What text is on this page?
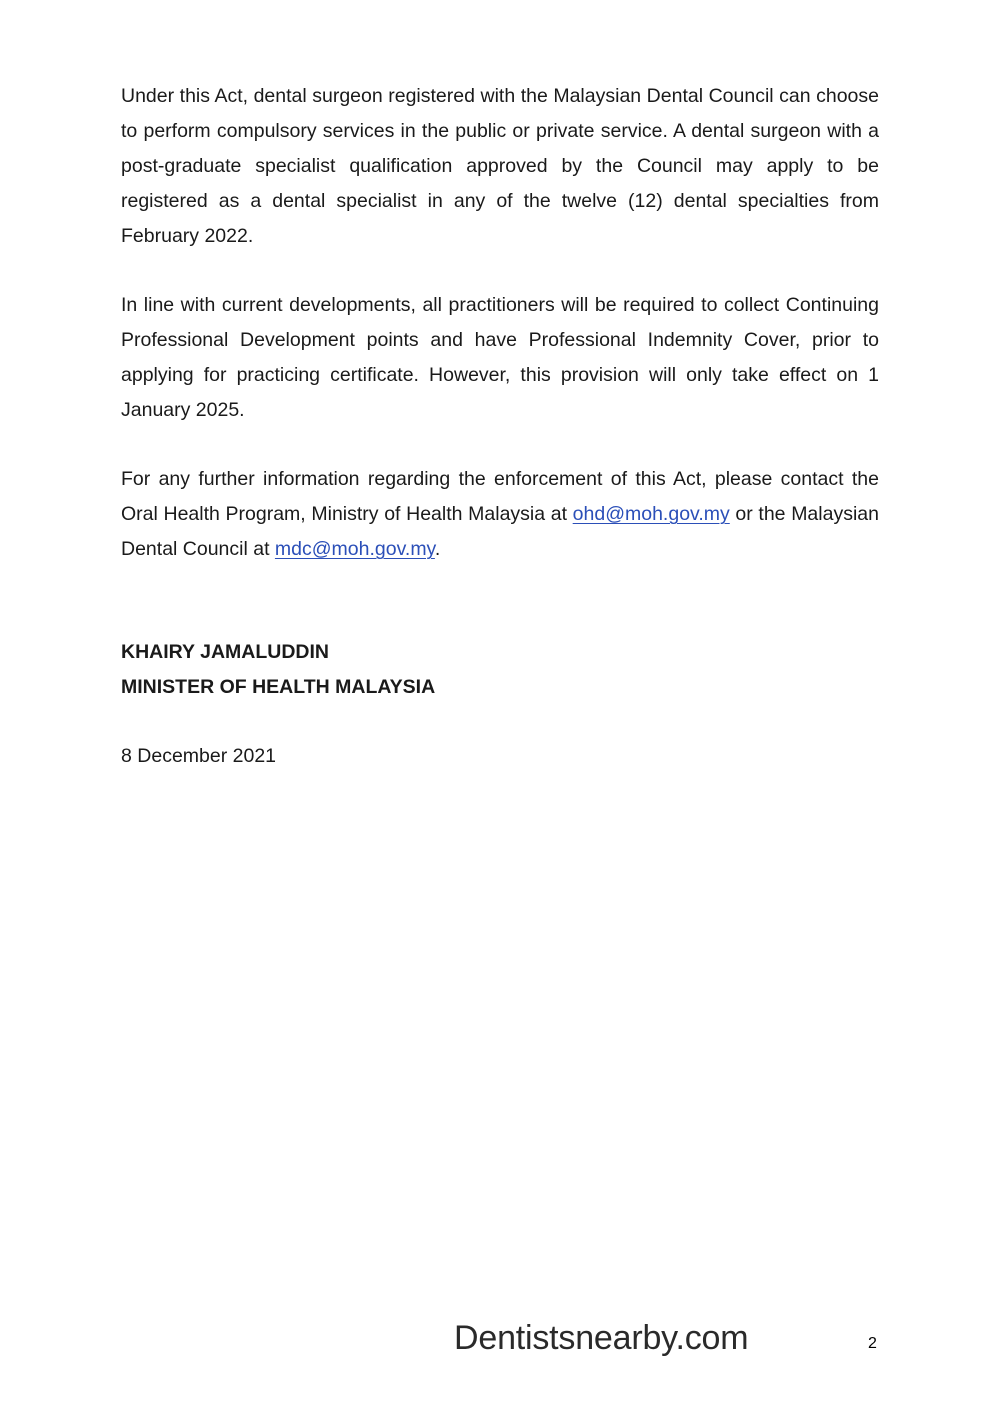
Under this Act, dental surgeon registered with the Malaysian Dental Council can choose to perform compulsory services in the public or private service. A dental surgeon with a post-graduate specialist qualification approved by the Council may apply to be registered as a dental specialist in any of the twelve (12) dental specialties from February 2022.

In line with current developments, all practitioners will be required to collect Continuing Professional Development points and have Professional Indemnity Cover, prior to applying for practicing certificate. However, this provision will only take effect on 1 January 2025.

For any further information regarding the enforcement of this Act, please contact the Oral Health Program, Ministry of Health Malaysia at ohd@moh.gov.my or the Malaysian Dental Council at mdc@moh.gov.my.

KHAIRY JAMALUDDIN

MINISTER OF HEALTH MALAYSIA

8 December 2021
Dentistsnearby.com	2
